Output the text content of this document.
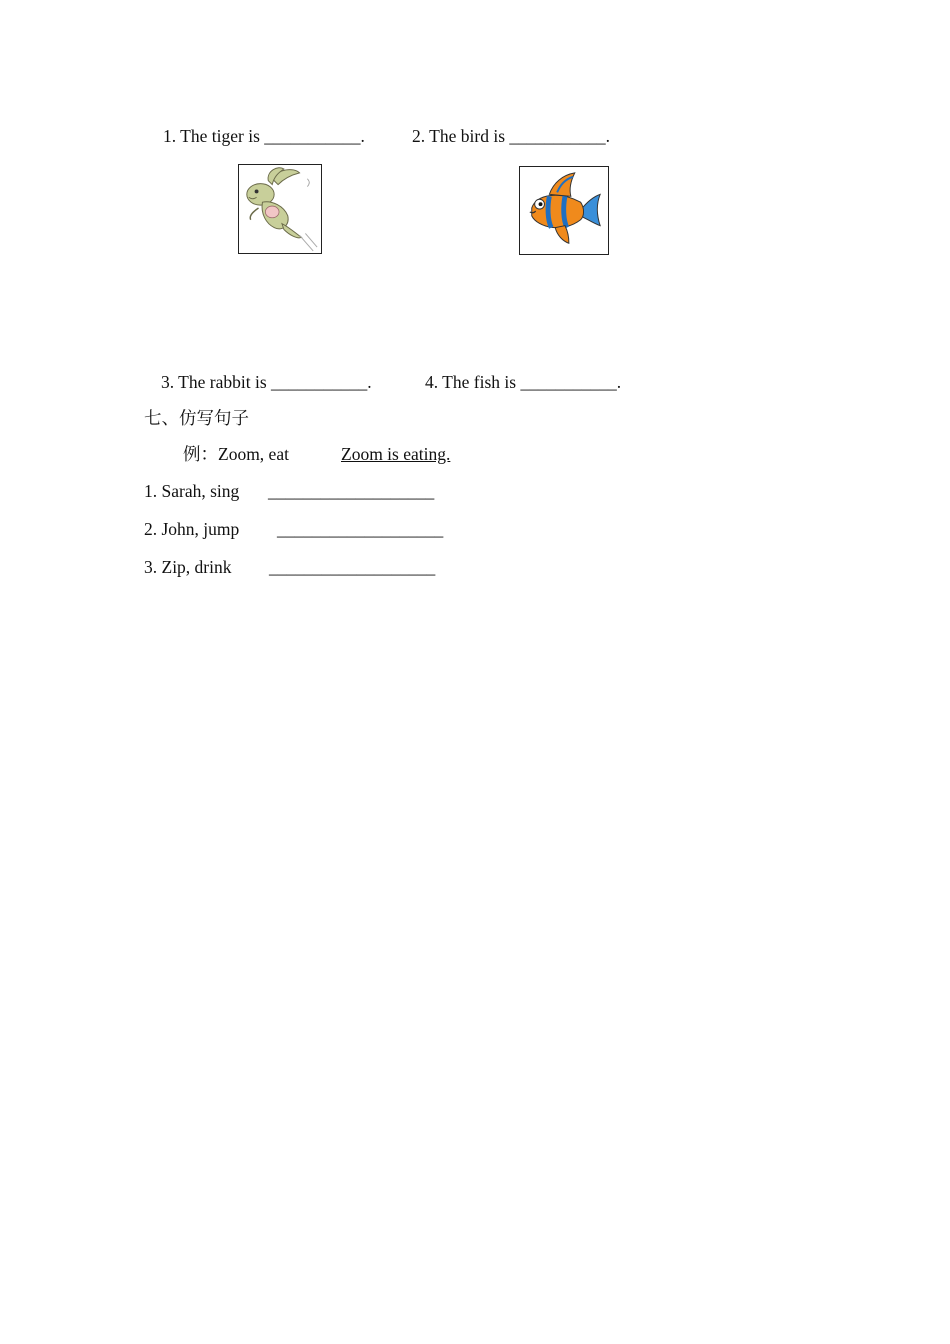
1. The tiger is ___________.	2. The bird is ___________.
3. The rabbit is ___________.	4. The fish is ___________.
七、仿写句子
例：Zoom, eat	Zoom is eating.
1. Sarah, sing ___________________
2. John, jump ___________________
3. Zip, drink ___________________
